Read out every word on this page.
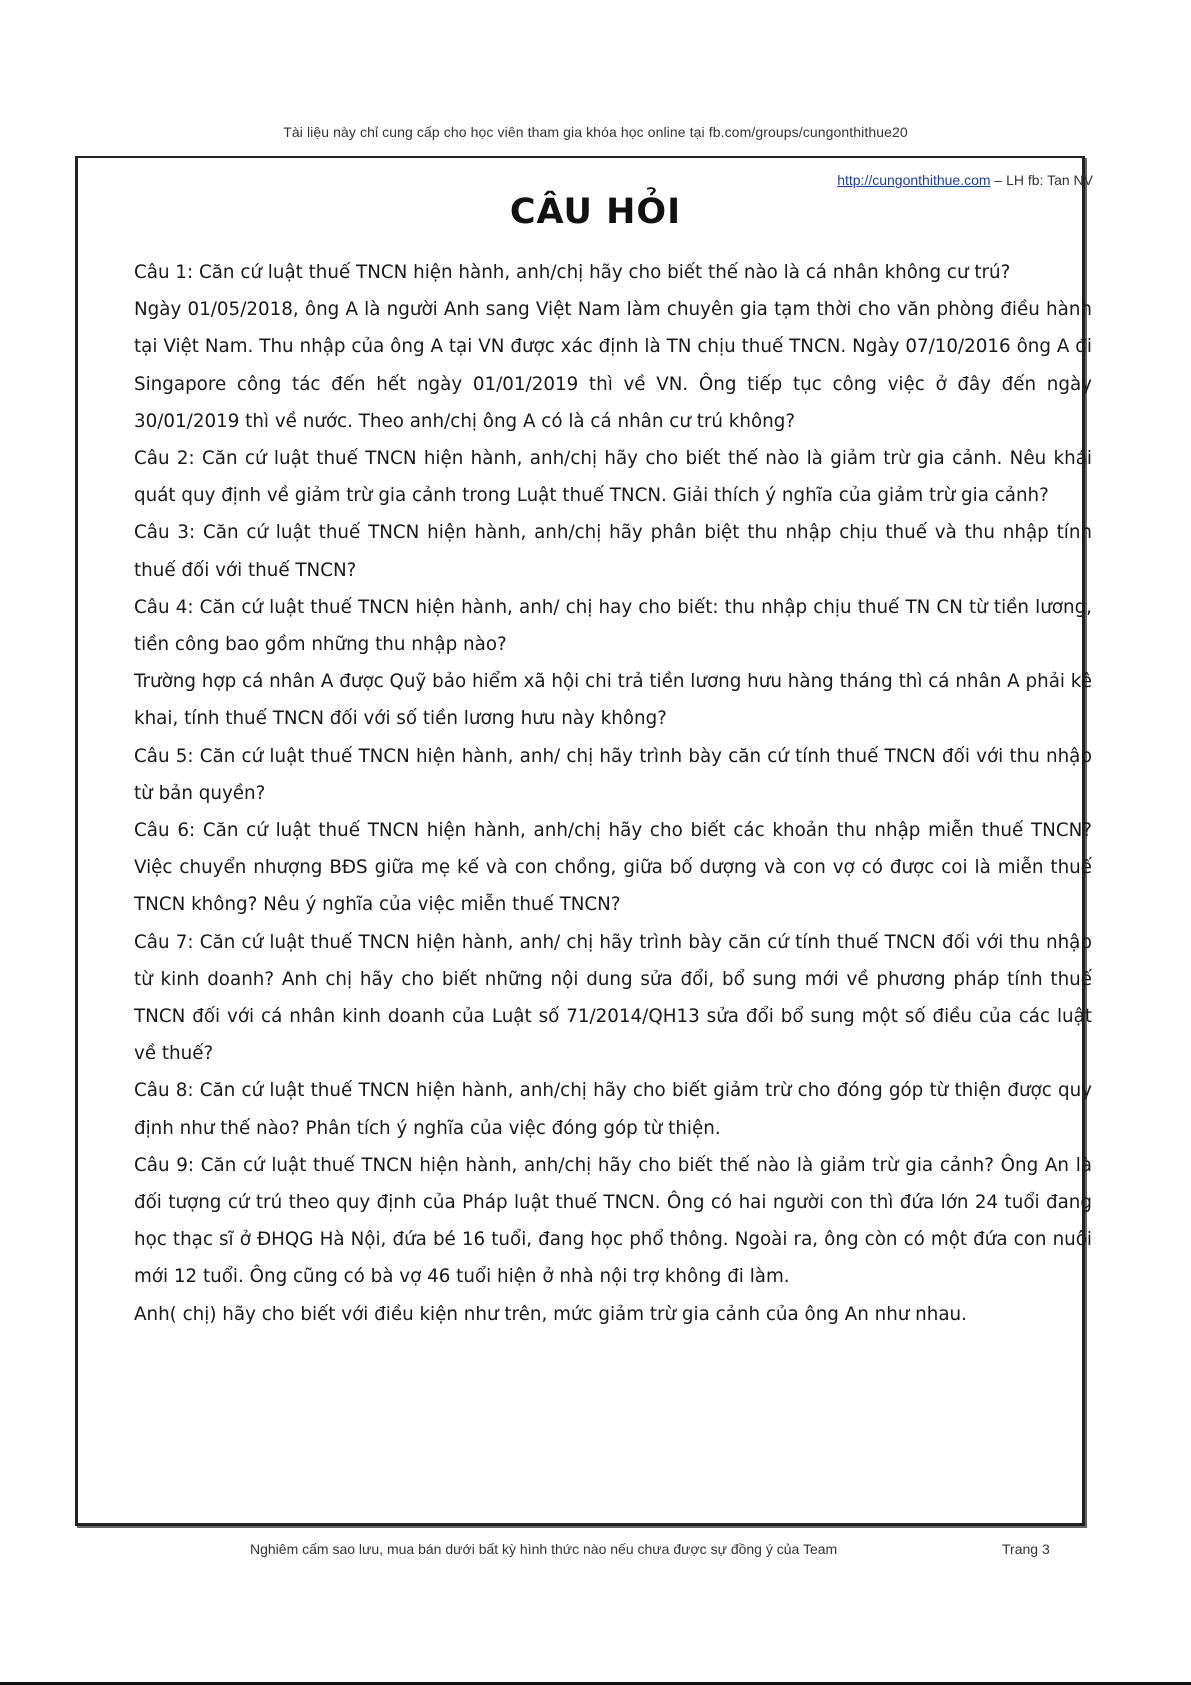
Tài liệu này chỉ cung cấp cho học viên tham gia khóa học online tại fb.com/groups/cungonthithue20
http://cungonthithue.com – LH fb: Tan NV
CÂU HỎI

Câu 1: Căn cứ luật thuế TNCN hiện hành, anh/chị hãy cho biết thế nào là cá nhân không cư trú?

Ngày 01/05/2018, ông A là người Anh sang Việt Nam làm chuyên gia tạm thời cho văn phòng điều hành tại Việt Nam. Thu nhập của ông A tại VN được xác định là TN chịu thuế TNCN. Ngày 07/10/2016 ông A đi Singapore công tác đến hết ngày 01/01/2019 thì về VN. Ông tiếp tục công việc ở đây đến ngày 30/01/2019 thì về nước. Theo anh/chị ông A có là cá nhân cư trú không?

Câu 2: Căn cứ luật thuế TNCN hiện hành, anh/chị hãy cho biết thế nào là giảm trừ gia cảnh. Nêu khái quát quy định về giảm trừ gia cảnh trong Luật thuế TNCN. Giải thích ý nghĩa của giảm trừ gia cảnh?

Câu 3: Căn cứ luật thuế TNCN hiện hành, anh/chị hãy phân biệt thu nhập chịu thuế và thu nhập tính thuế đối với thuế TNCN?

Câu 4: Căn cứ luật thuế TNCN hiện hành, anh/ chị hay cho biết: thu nhập chịu thuế TN CN từ tiền lương, tiền công bao gồm những thu nhập nào?

Trường hợp cá nhân A được Quỹ bảo hiểm xã hội chi trả tiền lương hưu hàng tháng thì cá nhân A phải kê khai, tính thuế TNCN đối với số tiền lương hưu này không?

Câu 5: Căn cứ luật thuế TNCN hiện hành, anh/ chị hãy trình bày căn cứ tính thuế TNCN đối với thu nhập từ bản quyền?

Câu 6: Căn cứ luật thuế TNCN hiện hành, anh/chị hãy cho biết các khoản thu nhập miễn thuế TNCN? Việc chuyển nhượng BĐS giữa mẹ kế và con chồng, giữa bố dượng và con vợ có được coi là miễn thuế TNCN không? Nêu ý nghĩa của việc miễn thuế TNCN?

Câu 7: Căn cứ luật thuế TNCN hiện hành, anh/ chị hãy trình bày căn cứ tính thuế TNCN đối với thu nhập từ kinh doanh? Anh chị hãy cho biết những nội dung sửa đổi, bổ sung mới về phương pháp tính thuế TNCN đối với cá nhân kinh doanh của Luật số 71/2014/QH13 sửa đổi bổ sung một số điều của các luật về thuế?

Câu 8: Căn cứ luật thuế TNCN hiện hành, anh/chị hãy cho biết giảm trừ cho đóng góp từ thiện được quy định như thế nào? Phân tích ý nghĩa của việc đóng góp từ thiện.

Câu 9: Căn cứ luật thuế TNCN hiện hành, anh/chị hãy cho biết thế nào là giảm trừ gia cảnh? Ông An là đối tượng cứ trú theo quy định của Pháp luật thuế TNCN. Ông có hai người con thì đứa lớn 24 tuổi đang học thạc sĩ ở ĐHQG Hà Nội, đứa bé 16 tuổi, đang học phổ thông. Ngoài ra, ông còn có một đứa con nuôi mới 12 tuổi. Ông cũng có bà vợ 46 tuổi hiện ở nhà nội trợ không đi làm.

Anh( chị) hãy cho biết với điều kiện như trên, mức giảm trừ gia cảnh của ông An như nhau.

Nghiêm cấm sao lưu, mua bán dưới bất kỳ hình thức nào nếu chưa được sự đồng ý của Team	Trang 3
